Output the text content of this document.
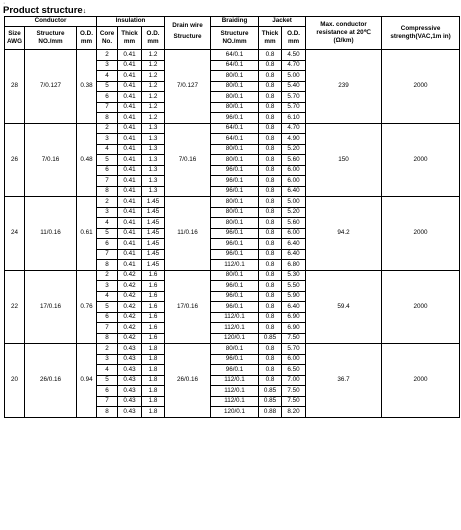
·
Product structure↓
Conductor			Insulation			Drain wire
Structure	Braiding	Jacket		Max. conductor resistance at 20℃ (Ω/km)	Compressive strength(VAC,1m in)
Size AWG	Structure NO./mm	O.D. mm	Core No.	Thick mm	O.D. mm		Structure NO./mm	Thick mm	O.D. mm		
28	7/0.127	0.38	2	0.41	1.2	7/0.127	64/0.1	0.8	4.50	239	2000
			3	0.41	1.2		64/0.1	0.8	4.70		
			4	0.41	1.2		80/0.1	0.8	5.00		
			5	0.41	1.2		80/0.1	0.8	5.40		
			6	0.41	1.2		80/0.1	0.8	5.70		
			7	0.41	1.2		80/0.1	0.8	5.70		
			8	0.41	1.2		96/0.1	0.8	6.10		
26	7/0.16	0.48	2	0.41	1.3	7/0.16	64/0.1	0.8	4.70	150	2000
			3	0.41	1.3		64/0.1	0.8	4.90		
			4	0.41	1.3		80/0.1	0.8	5.20		
			5	0.41	1.3		80/0.1	0.8	5.60		
			6	0.41	1.3		96/0.1	0.8	6.00		
			7	0.41	1.3		96/0.1	0.8	6.00		
			8	0.41	1.3		96/0.1	0.8	6.40		
24	11/0.16	0.61	2	0.41	1.45	11/0.16	80/0.1	0.8	5.00	94.2	2000
			3	0.41	1.45		80/0.1	0.8	5.20		
			4	0.41	1.45		80/0.1	0.8	5.60		
			5	0.41	1.45		96/0.1	0.8	6.00		
			6	0.41	1.45		96/0.1	0.8	6.40		
			7	0.41	1.45		96/0.1	0.8	6.40		
			8	0.41	1.45		112/0.1	0.8	6.80		
22	17/0.16	0.76	2	0.42	1.6	17/0.16	80/0.1	0.8	5.30	59.4	2000
			3	0.42	1.6		96/0.1	0.8	5.50		
			4	0.42	1.6		96/0.1	0.8	5.90		
			5	0.42	1.6		96/0.1	0.8	6.40		
			6	0.42	1.6		112/0.1	0.8	6.90		
			7	0.42	1.6		112/0.1	0.8	6.90		
			8	0.42	1.6		120/0.1	0.85	7.50		
20	26/0.16	0.94	2	0.43	1.8	26/0.16	80/0.1	0.8	5.70	36.7	2000
			3	0.43	1.8		96/0.1	0.8	6.00		
			4	0.43	1.8		96/0.1	0.8	6.50		
			5	0.43	1.8		112/0.1	0.8	7.00		
			6	0.43	1.8		112/0.1	0.85	7.50		
			7	0.43	1.8		112/0.1	0.85	7.50		
			8	0.43	1.8		120/0.1	0.88	8.20		
